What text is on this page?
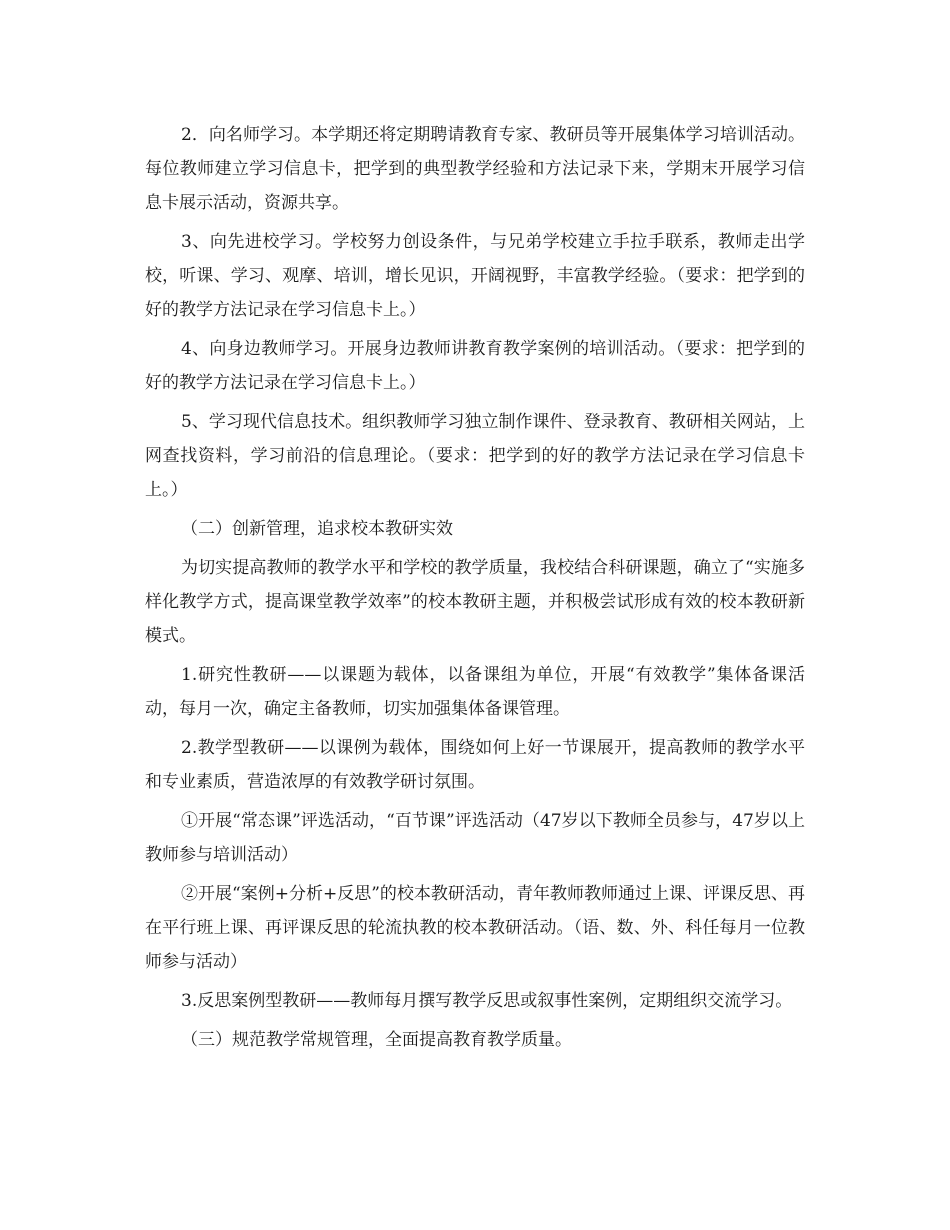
2．向名师学习。本学期还将定期聘请教育专家、教研员等开展集体学习培训活动。每位教师建立学习信息卡，把学到的典型教学经验和方法记录下来，学期末开展学习信息卡展示活动，资源共享。

3、向先进校学习。学校努力创设条件，与兄弟学校建立手拉手联系，教师走出学校，听课、学习、观摩、培训，增长见识，开阔视野，丰富教学经验。（要求：把学到的好的教学方法记录在学习信息卡上。）

4、向身边教师学习。开展身边教师讲教育教学案例的培训活动。（要求：把学到的好的教学方法记录在学习信息卡上。）

5、学习现代信息技术。组织教师学习独立制作课件、登录教育、教研相关网站，上网查找资料，学习前沿的信息理论。（要求：把学到的好的教学方法记录在学习信息卡上。）

（二）创新管理，追求校本教研实效

为切实提高教师的教学水平和学校的教学质量，我校结合科研课题，确立了“实施多样化教学方式，提高课堂教学效率”的校本教研主题，并积极尝试形成有效的校本教研新模式。

1.研究性教研——以课题为载体，以备课组为单位，开展“有效教学”集体备课活动，每月一次，确定主备教师，切实加强集体备课管理。

2.教学型教研——以课例为载体，围绕如何上好一节课展开，提高教师的教学水平和专业素质，营造浓厚的有效教学研讨氛围。

①开展“常态课”评选活动，“百节课”评选活动（47岁以下教师全员参与，47岁以上教师参与培训活动）

②开展“案例+分析+反思”的校本教研活动，青年教师教师通过上课、评课反思、再在平行班上课、再评课反思的轮流执教的校本教研活动。（语、数、外、科任每月一位教师参与活动）

3.反思案例型教研——教师每月撰写教学反思或叙事性案例，定期组织交流学习。

（三）规范教学常规管理，全面提高教育教学质量。
